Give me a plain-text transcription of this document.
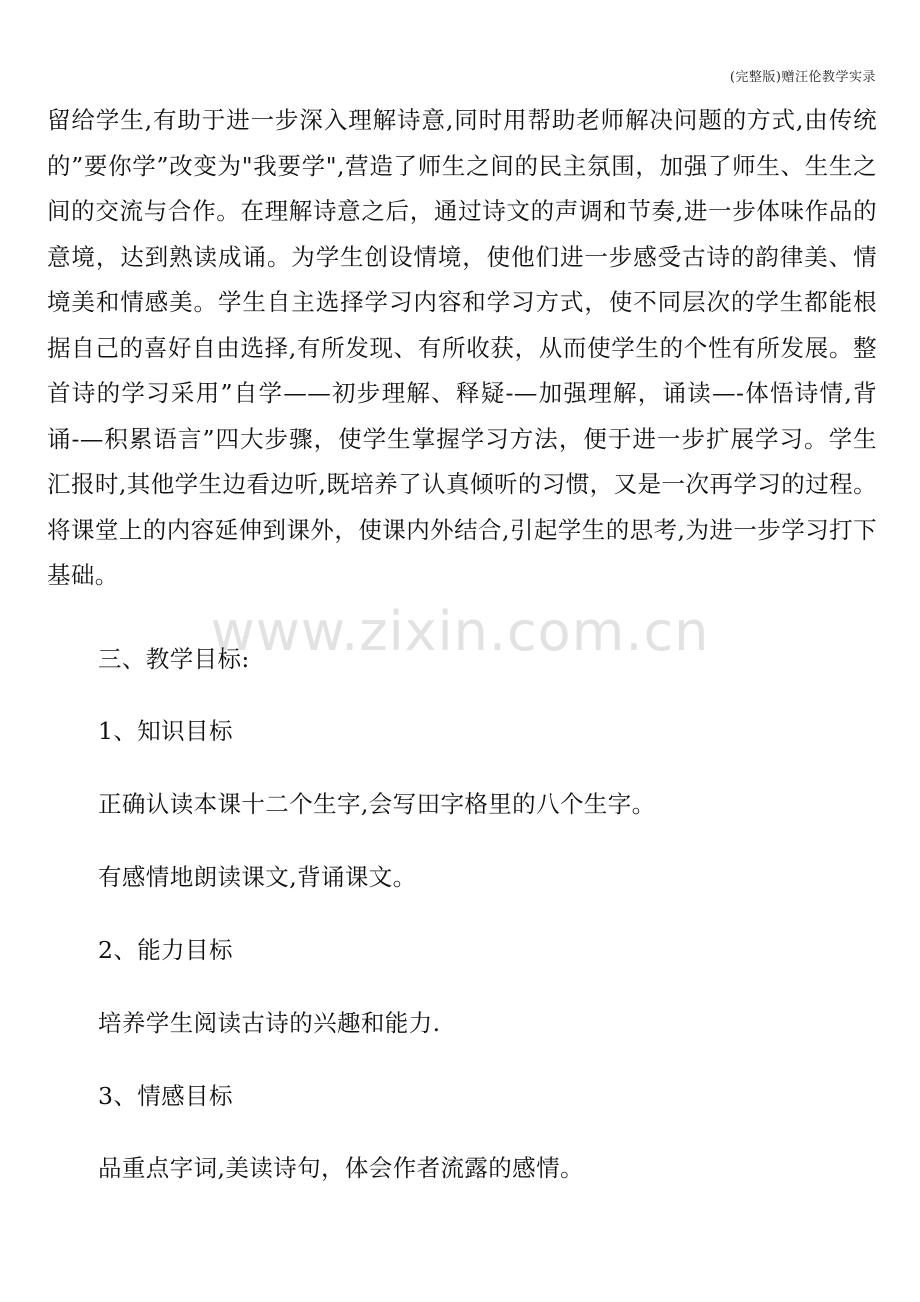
(完整版)赠汪伦教学实录

留给学生,有助于进一步深入理解诗意,同时用帮助老师解决问题的方式,由传统的”要你学”改变为"我要学",营造了师生之间的民主氛围，加强了师生、生生之间的交流与合作。在理解诗意之后，通过诗文的声调和节奏,进一步体味作品的意境，达到熟读成诵。为学生创设情境，使他们进一步感受古诗的韵律美、情境美和情感美。学生自主选择学习内容和学习方式，使不同层次的学生都能根据自己的喜好自由选择,有所发现、有所收获，从而使学生的个性有所发展。整首诗的学习采用”自学——初步理解、释疑-—加强理解，诵读—-体悟诗情,背诵-—积累语言”四大步骤，使学生掌握学习方法，便于进一步扩展学习。学生汇报时,其他学生边看边听,既培养了认真倾听的习惯，又是一次再学习的过程。将课堂上的内容延伸到课外，使课内外结合,引起学生的思考,为进一步学习打下基础。

www.zixin.com.cn

三、教学目标:

1、知识目标

正确认读本课十二个生字,会写田字格里的八个生字。

有感情地朗读课文,背诵课文。

2、能力目标

培养学生阅读古诗的兴趣和能力.

3、情感目标

品重点字词,美读诗句，体会作者流露的感情。
